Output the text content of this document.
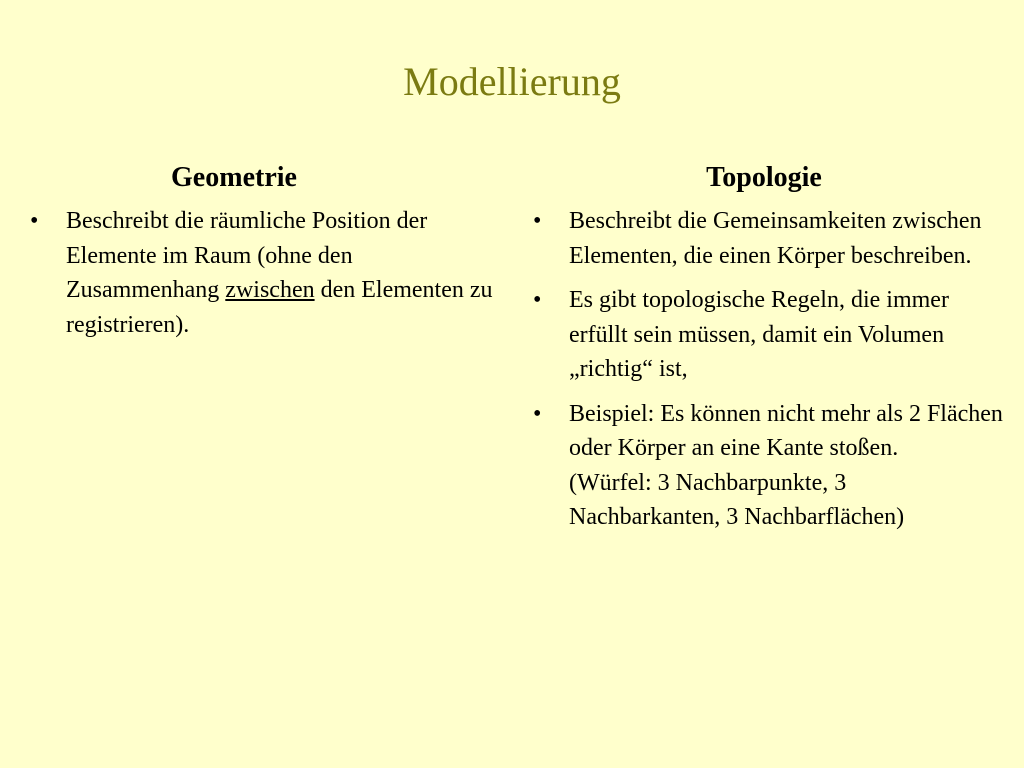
Modellierung
Geometrie
•	Beschreibt die räumliche Position der Elemente im Raum (ohne den Zusammenhang zwischen den Elementen zu registrieren).
Topologie
•	Beschreibt die Gemeinsamkeiten zwischen Elementen, die einen Körper beschreiben.
•	Es gibt topologische Regeln, die immer erfüllt sein müssen, damit ein Volumen „richtig“ ist,
•	Beispiel: Es können nicht mehr als 2 Flächen oder Körper an eine Kante stoßen.
(Würfel: 3 Nachbarpunkte, 3 Nachbarkanten, 3 Nachbarflächen)
